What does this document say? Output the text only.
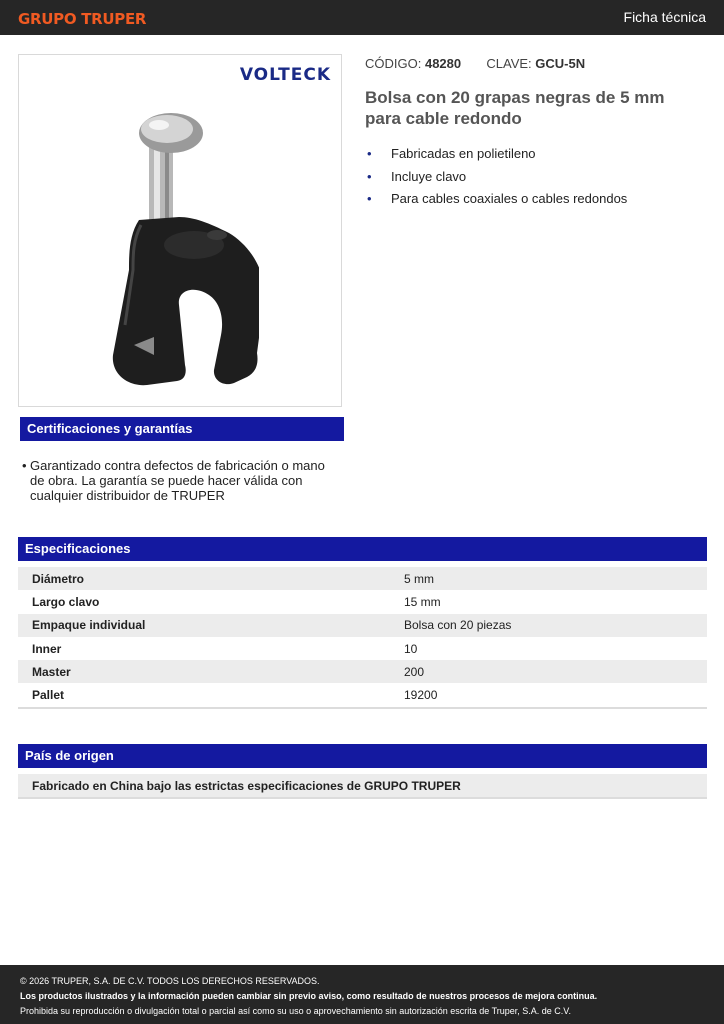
GRUPO TRUPER	Ficha técnica
VOLTECK
CÓDIGO: 48280 CLAVE: GCU-5N
Bolsa con 20 grapas negras de 5 mm para cable redondo
• Fabricadas en polietileno
• Incluye clavo
• Para cables coaxiales o cables redondos
Certificaciones y garantías
• Garantizado contra defectos de fabricación o mano de obra. La garantía se puede hacer válida con cualquier distribuidor de TRUPER
Especificaciones
Diámetro	5 mm
Largo clavo	15 mm
Empaque individual	Bolsa con 20 piezas
Inner	10
Master	200
Pallet	19200
País de origen
Fabricado en China bajo las estrictas especificaciones de GRUPO TRUPER
© 2026 TRUPER, S.A. DE C.V. TODOS LOS DERECHOS RESERVADOS.
Los productos ilustrados y la información pueden cambiar sin previo aviso, como resultado de nuestros procesos de mejora continua.
Prohibida su reproducción o divulgación total o parcial así como su uso o aprovechamiento sin autorización escrita de Truper, S.A. de C.V.
